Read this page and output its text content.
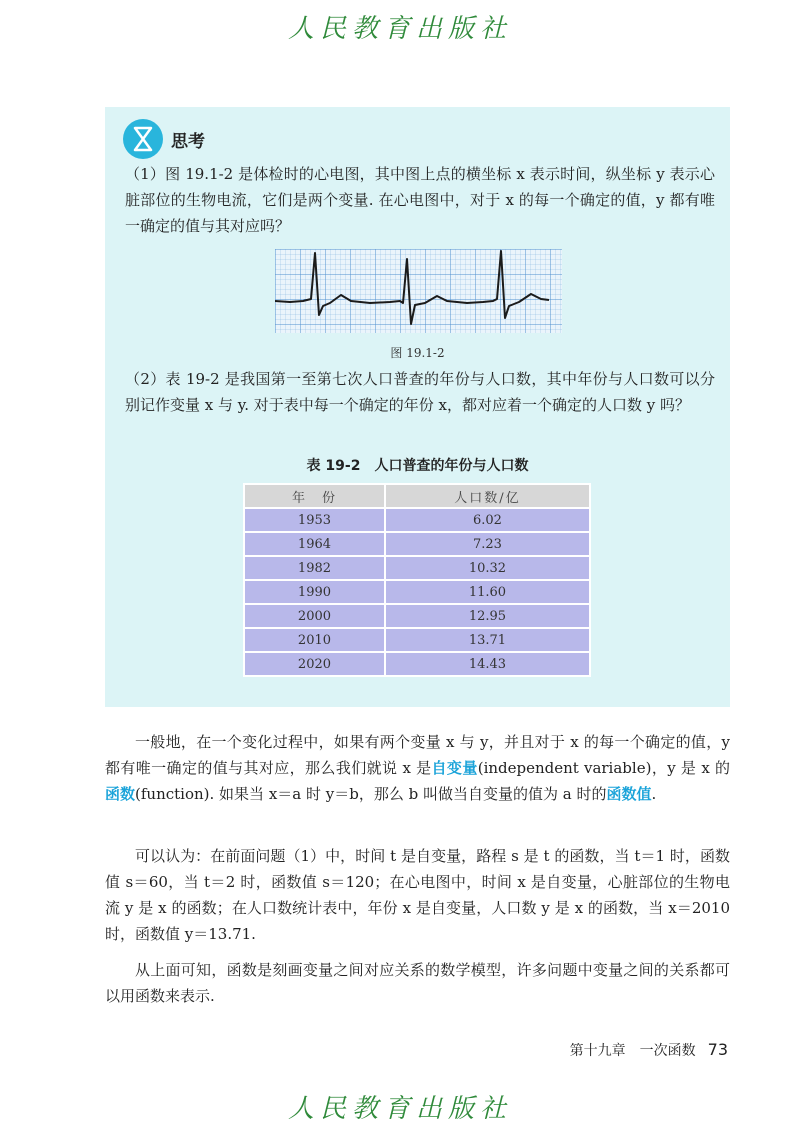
人民教育出版社
思考
（1）图 19.1-2 是体检时的心电图，其中图上点的横坐标 x 表示时间，纵坐标 y 表示心脏部位的生物电流，它们是两个变量. 在心电图中，对于 x 的每一个确定的值，y 都有唯一确定的值与其对应吗？
图 19.1-2
（2）表 19-2 是我国第一至第七次人口普查的年份与人口数，其中年份与人口数可以分别记作变量 x 与 y. 对于表中每一个确定的年份 x，都对应着一个确定的人口数 y 吗？
表 19-2　人口普查的年份与人口数
年　份	人口数/亿
1953	6.02
1964	7.23
1982	10.32
1990	11.60
2000	12.95
2010	13.71
2020	14.43

一般地，在一个变化过程中，如果有两个变量 x 与 y，并且对于 x 的每一个确定的值，y 都有唯一确定的值与其对应，那么我们就说 x 是自变量(independent variable)，y 是 x 的函数(function). 如果当 x＝a 时 y＝b，那么 b 叫做当自变量的值为 a 时的函数值.

可以认为：在前面问题（1）中，时间 t 是自变量，路程 s 是 t 的函数，当 t＝1 时，函数值 s＝60，当 t＝2 时，函数值 s＝120；在心电图中，时间 x 是自变量，心脏部位的生物电流 y 是 x 的函数；在人口数统计表中，年份 x 是自变量，人口数 y 是 x 的函数，当 x＝2010 时，函数值 y＝13.71.

从上面可知，函数是刻画变量之间对应关系的数学模型，许多问题中变量之间的关系都可以用函数来表示.

第十九章　一次函数 73
人民教育出版社
